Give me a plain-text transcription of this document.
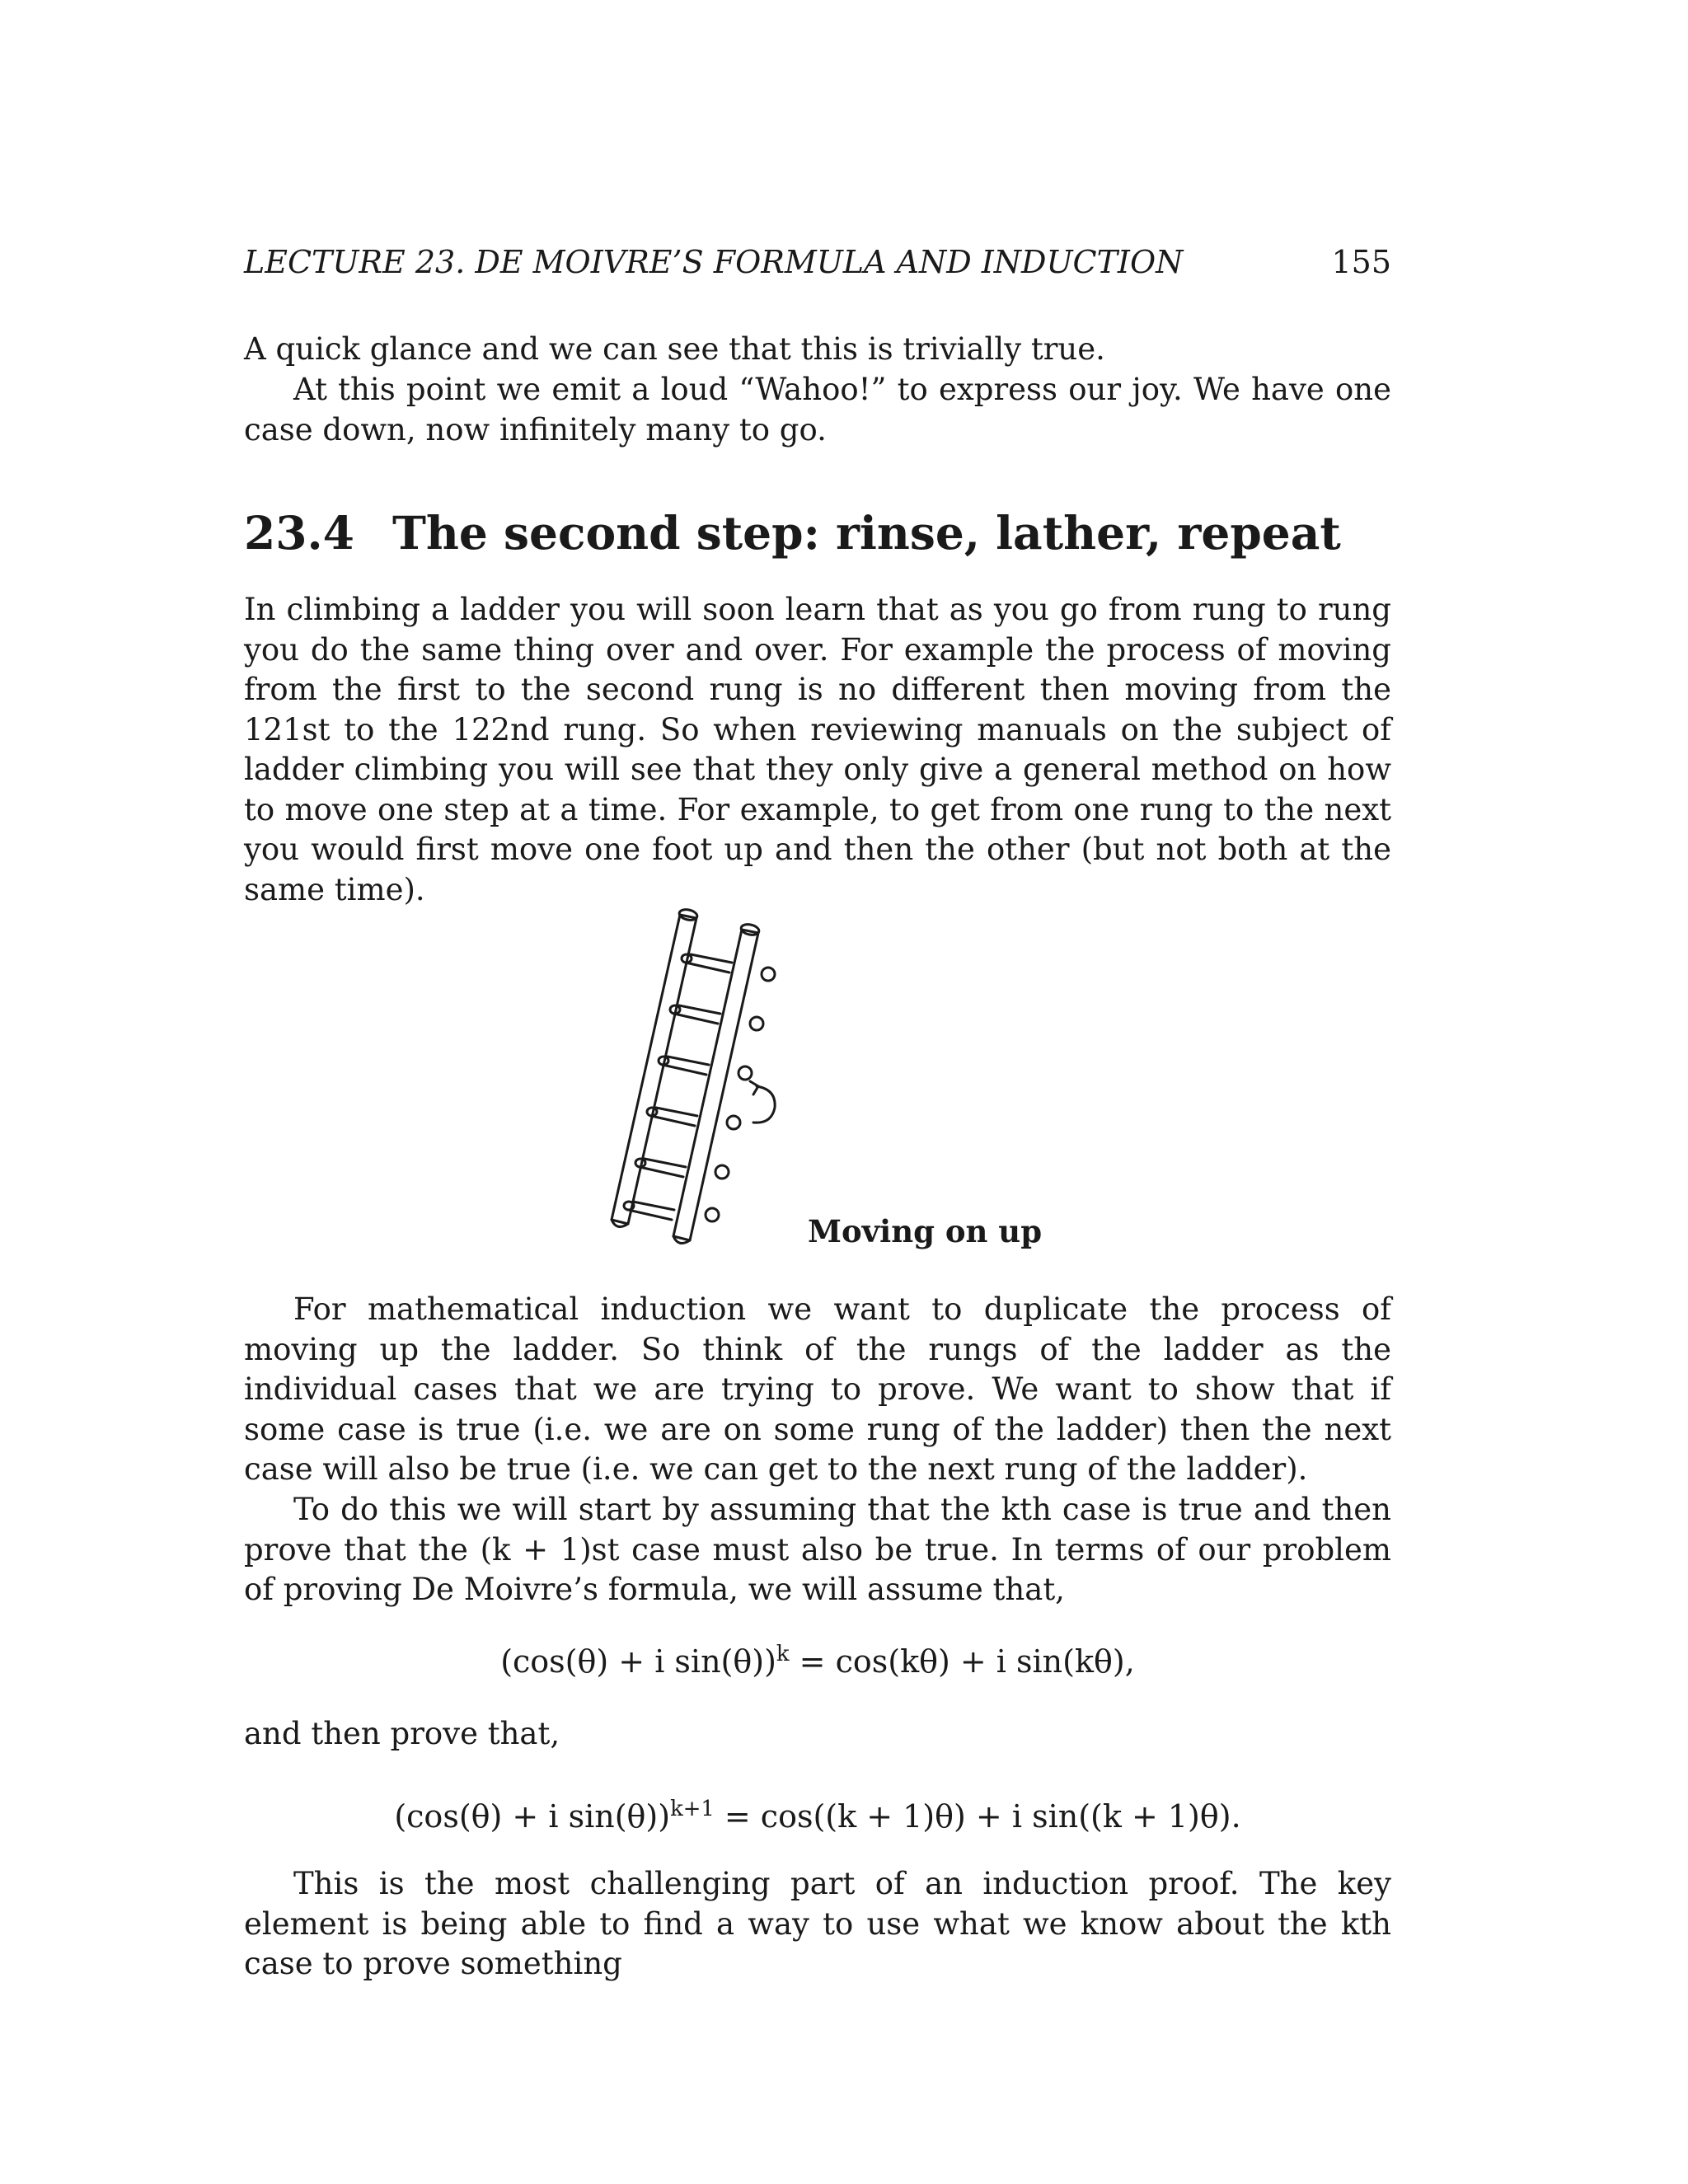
LECTURE 23. DE MOIVRE’S FORMULA AND INDUCTION	155
A quick glance and we can see that this is trivially true.
At this point we emit a loud “Wahoo!” to express our joy. We have one case down, now infinitely many to go.
23.4 The second step: rinse, lather, repeat
In climbing a ladder you will soon learn that as you go from rung to rung you do the same thing over and over. For example the process of moving from the first to the second rung is no different then moving from the 121st to the 122nd rung. So when reviewing manuals on the subject of ladder climbing you will see that they only give a general method on how to move one step at a time. For example, to get from one rung to the next you would first move one foot up and then the other (but not both at the same time).
Moving on up
For mathematical induction we want to duplicate the process of moving up the ladder. So think of the rungs of the ladder as the individual cases that we are trying to prove. We want to show that if some case is true (i.e. we are on some rung of the ladder) then the next case will also be true (i.e. we can get to the next rung of the ladder).
To do this we will start by assuming that the kth case is true and then prove that the (k + 1)st case must also be true. In terms of our problem of proving De Moivre’s formula, we will assume that,
(cos(θ) + i sin(θ))$^k$ = cos(kθ) + i sin(kθ),
and then prove that,
(cos(θ) + i sin(θ))$^{k+1}$ = cos((k + 1)θ) + i sin((k + 1)θ).
This is the most challenging part of an induction proof. The key element is being able to find a way to use what we know about the kth case to prove something
